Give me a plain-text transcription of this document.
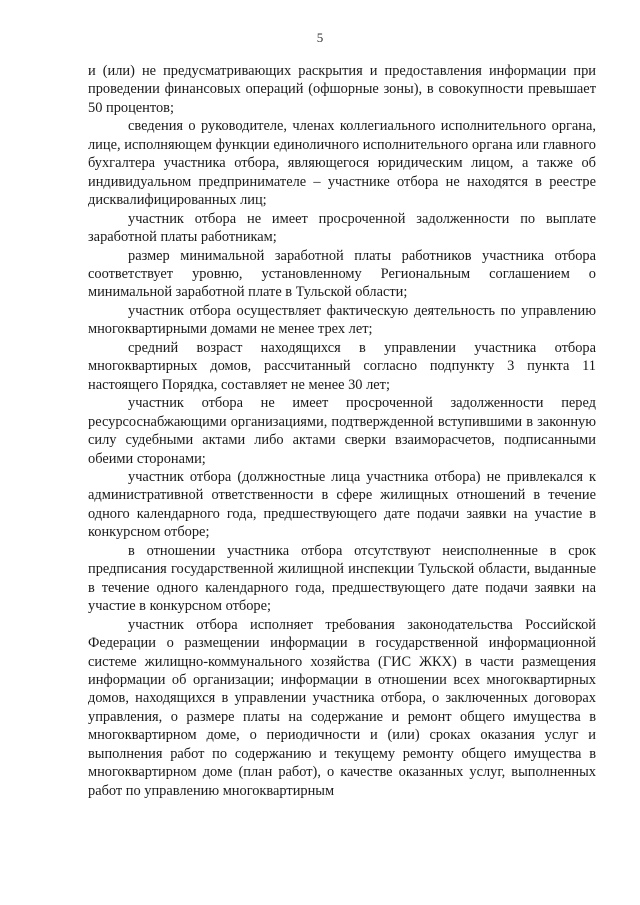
5

и (или) не предусматривающих раскрытия и предоставления информации при проведении финансовых операций (офшорные зоны), в совокупности превышает 50 процентов;

сведения о руководителе, членах коллегиального исполнительного органа, лице, исполняющем функции единоличного исполнительного органа или главного бухгалтера участника отбора, являющегося юридическим лицом, а также об индивидуальном предпринимателе – участнике отбора не находятся в реестре дисквалифицированных лиц;

участник отбора не имеет просроченной задолженности по выплате заработной платы работникам;

размер минимальной заработной платы работников участника отбора соответствует уровню, установленному Региональным соглашением о минимальной заработной плате в Тульской области;

участник отбора осуществляет фактическую деятельность по управлению многоквартирными домами не менее трех лет;

средний возраст находящихся в управлении участника отбора многоквартирных домов, рассчитанный согласно подпункту 3 пункта 11 настоящего Порядка, составляет не менее 30 лет;

участник отбора не имеет просроченной задолженности перед ресурсоснабжающими организациями, подтвержденной вступившими в законную силу судебными актами либо актами сверки взаиморасчетов, подписанными обеими сторонами;

участник отбора (должностные лица участника отбора) не привлекался к административной ответственности в сфере жилищных отношений в течение одного календарного года, предшествующего дате подачи заявки на участие в конкурсном отборе;

в отношении участника отбора отсутствуют неисполненные в срок предписания государственной жилищной инспекции Тульской области, выданные в течение одного календарного года, предшествующего дате подачи заявки на участие в конкурсном отборе;

участник отбора исполняет требования законодательства Российской Федерации о размещении информации в государственной информационной системе жилищно-коммунального хозяйства (ГИС ЖКХ) в части размещения информации об организации; информации в отношении всех многоквартирных домов, находящихся в управлении участника отбора, о заключенных договорах управления, о размере платы на содержание и ремонт общего имущества в многоквартирном доме, о периодичности и (или) сроках оказания услуг и выполнения работ по содержанию и текущему ремонту общего имущества в многоквартирном доме (план работ), о качестве оказанных услуг, выполненных работ по управлению многоквартирным
